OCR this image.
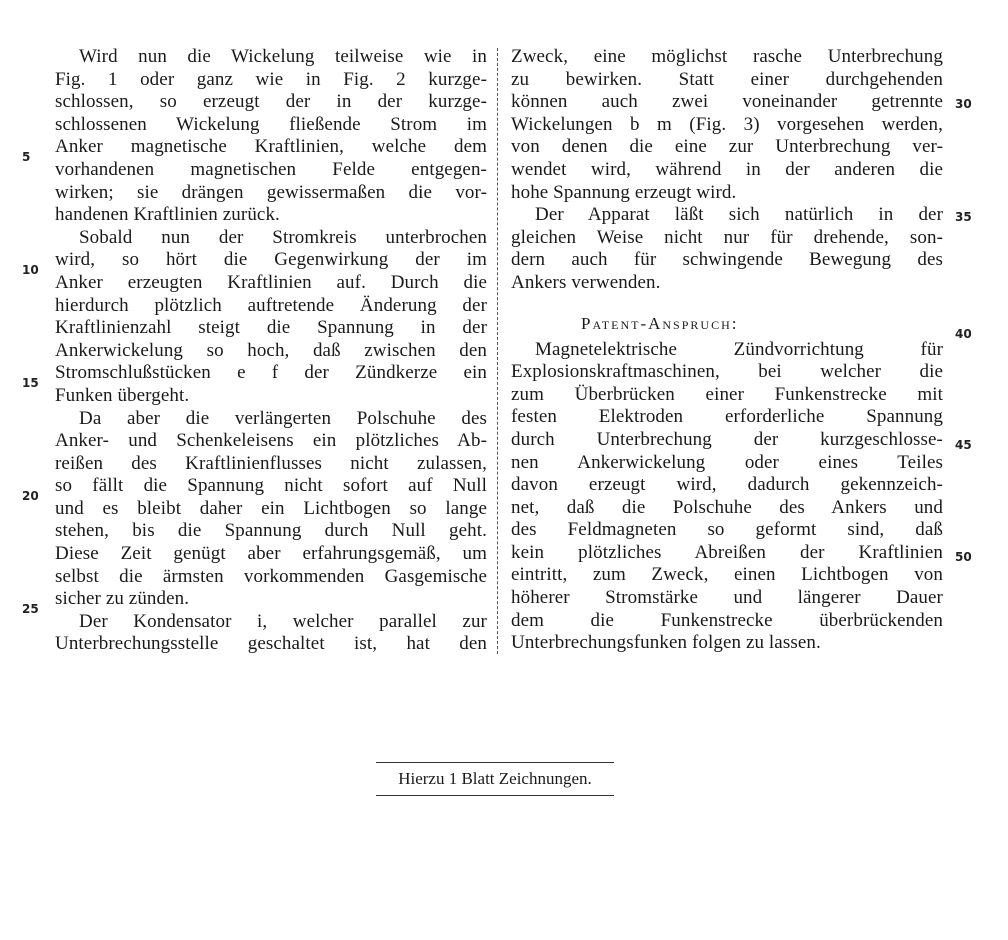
Wird nun die Wickelung teilweise wie in
Fig. 1 oder ganz wie in Fig. 2 kurzge-
schlossen, so erzeugt der in der kurzge-
schlossenen Wickelung fließende Strom im
Anker magnetische Kraftlinien, welche dem
vorhandenen magnetischen Felde entgegen-
wirken; sie drängen gewissermaßen die vor-
handenen Kraftlinien zurück.
Sobald nun der Stromkreis unterbrochen
wird, so hört die Gegenwirkung der im
Anker erzeugten Kraftlinien auf. Durch die
hierdurch plötzlich auftretende Änderung der
Kraftlinienzahl steigt die Spannung in der
Ankerwickelung so hoch, daß zwischen den
Stromschlußstücken e f der Zündkerze ein
Funken übergeht.
Da aber die verlängerten Polschuhe des
Anker- und Schenkeleisens ein plötzliches Ab-
reißen des Kraftlinienflusses nicht zulassen,
so fällt die Spannung nicht sofort auf Null
und es bleibt daher ein Lichtbogen so lange
stehen, bis die Spannung durch Null geht.
Diese Zeit genügt aber erfahrungsgemäß, um
selbst die ärmsten vorkommenden Gasgemische
sicher zu zünden.
Der Kondensator i, welcher parallel zur
Unterbrechungsstelle geschaltet ist, hat den
5
10
15
20
25
Zweck, eine möglichst rasche Unterbrechung
zu bewirken. Statt einer durchgehenden
können auch zwei voneinander getrennte
Wickelungen b m (Fig. 3) vorgesehen werden,
von denen die eine zur Unterbrechung ver-
wendet wird, während in der anderen die
hohe Spannung erzeugt wird.
Der Apparat läßt sich natürlich in der
gleichen Weise nicht nur für drehende, son-
dern auch für schwingende Bewegung des
Ankers verwenden.
Patent-Anspruch:
Magnetelektrische Zündvorrichtung für
Explosionskraftmaschinen, bei welcher die
zum Überbrücken einer Funkenstrecke mit
festen Elektroden erforderliche Spannung
durch Unterbrechung der kurzgeschlosse-
nen Ankerwickelung oder eines Teiles
davon erzeugt wird, dadurch gekennzeich-
net, daß die Polschuhe des Ankers und
des Feldmagneten so geformt sind, daß
kein plötzliches Abreißen der Kraftlinien
eintritt, zum Zweck, einen Lichtbogen von
höherer Stromstärke und längerer Dauer
dem die Funkenstrecke überbrückenden
Unterbrechungsfunken folgen zu lassen.
30
35
40
45
50
Hierzu 1 Blatt Zeichnungen.
